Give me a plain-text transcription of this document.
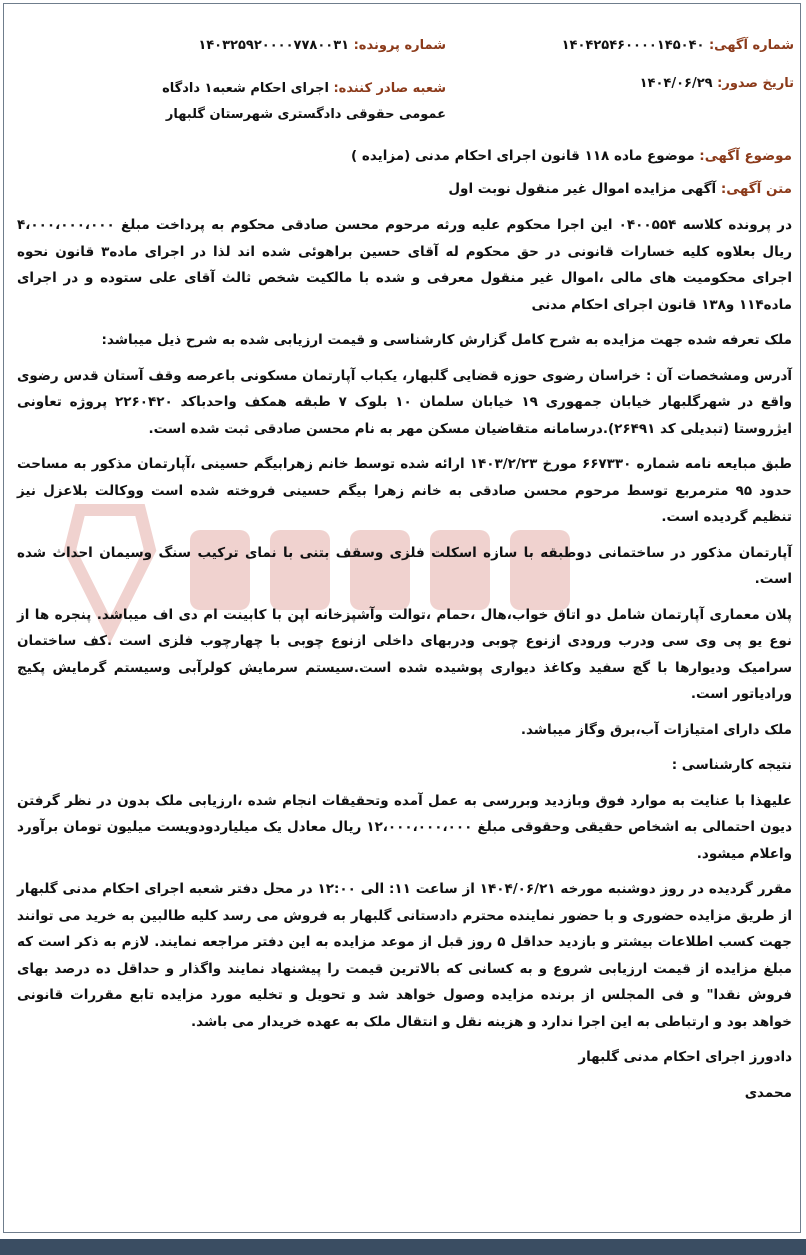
شماره آگهی: ۱۴۰۴۲۵۴۶۰۰۰۰۱۴۵۰۴۰
شماره پرونده: ۱۴۰۳۲۵۹۲۰۰۰۰۷۷۸۰۰۳۱
تاریخ صدور: ۱۴۰۴/۰۶/۲۹
شعبه صادر کننده: اجرای احکام شعبه۱ دادگاه عمومی حقوقی دادگستری شهرستان گلبهار
موضوع آگهی: موضوع ماده ۱۱۸ قانون اجرای احکام مدنی (مزایده )
متن آگهی: آگهی مزایده اموال غیر منقول نوبت اول

در پرونده کلاسه ۰۴۰۰۵۵۴ این اجرا محکوم علیه ورثه مرحوم محسن صادقی محکوم به پرداخت مبلغ ۴،۰۰۰،۰۰۰،۰۰۰ ریال بعلاوه کلیه خسارات قانونی در حق محکوم له آقای حسین براهوئی شده اند لذا در اجرای ماده۳ قانون نحوه اجرای محکومیت های مالی ،اموال غیر منقول معرفی و شده با مالکیت شخص ثالث آقای علی ستوده و در اجرای ماده۱۱۴ و۱۳۸ قانون اجرای احکام مدنی

ملک تعرفه شده جهت مزایده به شرح کامل گزارش کارشناسی و قیمت ارزیابی شده به شرح ذیل میباشد:

آدرس ومشخصات آن : خراسان رضوی حوزه قضایی گلبهار، یکباب آپارتمان مسکونی باعرصه وقف آستان قدس رضوی واقع در شهرگلبهار خیابان جمهوری ۱۹ خیابان سلمان ۱۰ بلوک ۷ طبقه همکف واحدباکد ۲۲۶۰۴۲۰ پروژه تعاونی ایژروستا (تبدیلی کد ۲۶۴۹۱).درسامانه متقاضیان مسکن مهر به نام محسن صادقی ثبت شده است.

طبق مبایعه نامه شماره ۶۶۷۳۳۰ مورخ ۱۴۰۳/۲/۲۳ ارائه شده توسط خانم زهرابیگم حسینی ،آپارتمان مذکور به مساحت حدود ۹۵ مترمربع توسط مرحوم محسن صادقی به خانم زهرا بیگم حسینی فروخته شده است ووکالت بلاعزل نیز تنظیم گردیده است.

آپارتمان مذکور در ساختمانی دوطبقه با سازه اسکلت فلزی وسقف بتنی با نمای ترکیب سنگ وسیمان احداث شده است.

پلان معماری آپارتمان شامل دو اتاق خواب،هال ،حمام ،توالت وآشپزخانه اپن با کابینت ام دی اف میباشد. پنجره ها از نوع یو پی وی سی ودرب ورودی ازنوع چوبی ودربهای داخلی ازنوع چوبی با چهارچوب فلزی است .کف ساختمان سرامیک ودیوارها با گچ سفید وکاغذ دیواری پوشیده شده است.سیستم سرمایش کولرآبی وسیستم گرمایش پکیج ورادیاتور است.

ملک دارای امتیازات آب،برق وگاز میباشد.

نتیجه کارشناسی :

علیهذا با عنایت به موارد فوق وبازدید وبررسی به عمل آمده وتحقیقات انجام شده ،ارزیابی ملک بدون در نظر گرفتن دیون احتمالی به اشخاص حقیقی وحقوقی مبلغ ۱۲،۰۰۰،۰۰۰،۰۰۰ ریال معادل یک میلیاردودویست میلیون تومان برآورد واعلام میشود.

مقرر گردیده در روز دوشنبه مورخه ۱۴۰۴/۰۶/۲۱ از ساعت ۱۱: الی ۱۲:۰۰ در محل دفتر شعبه اجرای احکام مدنی گلبهار از طریق مزایده حضوری و با حضور نماینده محترم دادستانی گلبهار به فروش می رسد کلیه طالبین به خرید می توانند جهت کسب اطلاعات بیشتر و بازدید حداقل ۵ روز قبل از موعد مزایده به این دفتر مراجعه نمایند. لازم به ذکر است که مبلغ مزایده از قیمت ارزیابی شروع و به کسانی که بالاترین قیمت را پیشنهاد نمایند واگذار و حداقل ده درصد بهای فروش نقدا" و فی المجلس از برنده مزایده وصول خواهد شد و تحویل و تخلیه مورد مزایده تابع مقررات قانونی خواهد بود و ارتباطی به این اجرا ندارد و هزینه نقل و انتقال ملک به عهده خریدار می باشد.

دادورز اجرای احکام مدنی گلبهار

محمدی
